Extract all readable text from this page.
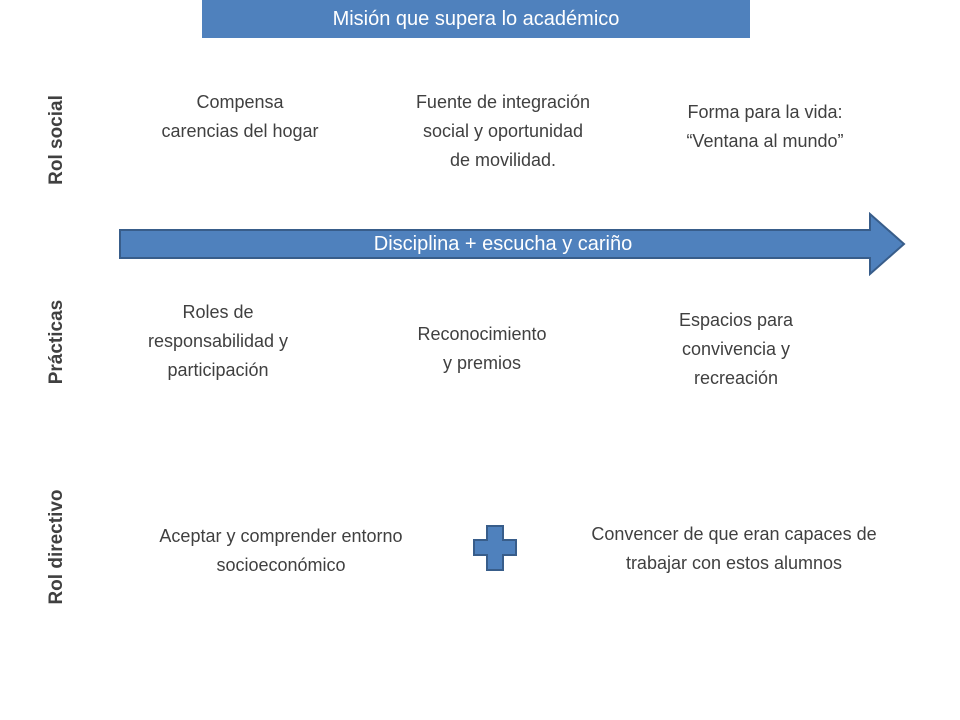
Misión que supera lo académico
Rol social
Prácticas
Rol directivo
Compensa
carencias del hogar
Fuente de integración
social y oportunidad
de movilidad.
Forma para la vida:
“Ventana al mundo”
Disciplina + escucha y cariño
Roles de
responsabilidad y
participación
Reconocimiento
y premios
Espacios para
convivencia y
recreación
Aceptar y comprender entorno
socioeconómico
Convencer de que eran capaces de
trabajar con estos alumnos
